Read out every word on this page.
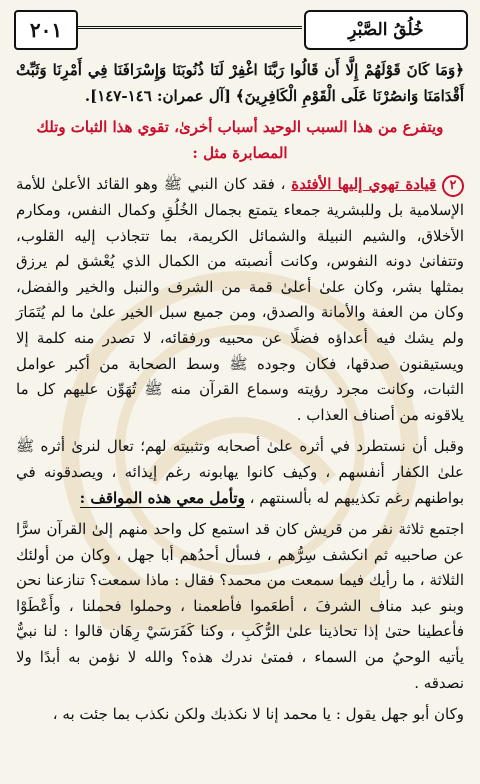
٢٠١	خُلُقُ الصَّبْرِ

﴿وَمَا كَانَ قَوْلَهُمْ إِلَّا أَن قَالُوا رَبَّنَا اغْفِرْ لَنَا ذُنُوبَنَا وَإِسْرَافَنَا فِي أَمْرِنَا وَثَبِّتْ أَقْدَامَنَا وَانصُرْنَا عَلَى الْقَوْمِ الْكَافِرِينَ﴾ [آل عمران: ١٤٦-١٤٧].

ويتفرع من هذا السبب الوحيد أسباب أخرىٰ، تقوي هذا الثبات وتلك المصابرة مثل :

٢ قيادة تهوي إليها الأفئدة ، فقد كان النبي ﷺ وهو القائد الأعلىٰ للأمة الإسلامية بل وللبشرية جمعاء يتمتع بجمال الخُلُقِ وكمال النفس، ومكارم الأخلاق، والشيم النبيلة والشمائل الكريمة، بما تتجاذب إليه القلوب، وتتفانىٰ دونه النفوس، وكانت أنصبته من الكمال الذي يُعْشق لم يرزق بمثلها بشر، وكان علىٰ أعلىٰ قمة من الشرف والنبل والخير والفضل، وكان من العفة والأمانة والصدق، ومن جميع سبل الخير علىٰ ما لم يُتَمَارَ ولم يشك فيه أعداؤه فضلًا عن محبيه ورفقائه، لا تصدر منه كلمة إلا ويستيقنون صدقها، فكان وجوده ﷺ وسط الصحابة من أكبر عوامل الثبات، وكانت مجرد رؤيته وسماع القرآن منه ﷺ تُهَوِّن عليهم كل ما يلاقونه من أصناف العذاب .

وقبل أن نستطرد في أثره علىٰ أصحابه وتثبيته لهم؛ تعال لنرىٰ أثره ﷺ علىٰ الكفار أنفسهم ، وكيف كانوا يهابونه رغم إيذائه ، ويصدقونه في بواطنهم رغم تكذيبهم له بألسنتهم ، وتأمل معي هذه المواقف :

اجتمع ثلاثة نفر من قريش كان قد استمع كل واحد منهم إلىٰ القرآن سرًّا عن صاحبيه ثم انكشف سِرُّهم ، فسأل أحدُهم أبا جهل ، وكان من أولئك الثلاثة ، ما رأيك فيما سمعت من محمد؟ فقال : ماذا سمعت؟ تنازعنا نحن وبنو عبد مناف الشرفَ ، أطعَموا فأطعمنا ، وحملوا فحملنا ، وأَعْطَوْا فأعطينا حتىٰ إذا تحاذينا علىٰ الرُّكَبِ ، وكنا كَفَرَسَيْ رِهَان قالوا : لنا نبيٌّ يأتيه الوحيُ من السماء ، فمتىٰ ندرك هذه؟ والله لا نؤمن به أبدًا ولا نصدقه .

وكان أبو جهل يقول : يا محمد إنا لا نكذبك ولكن نكذب بما جئت به ،
